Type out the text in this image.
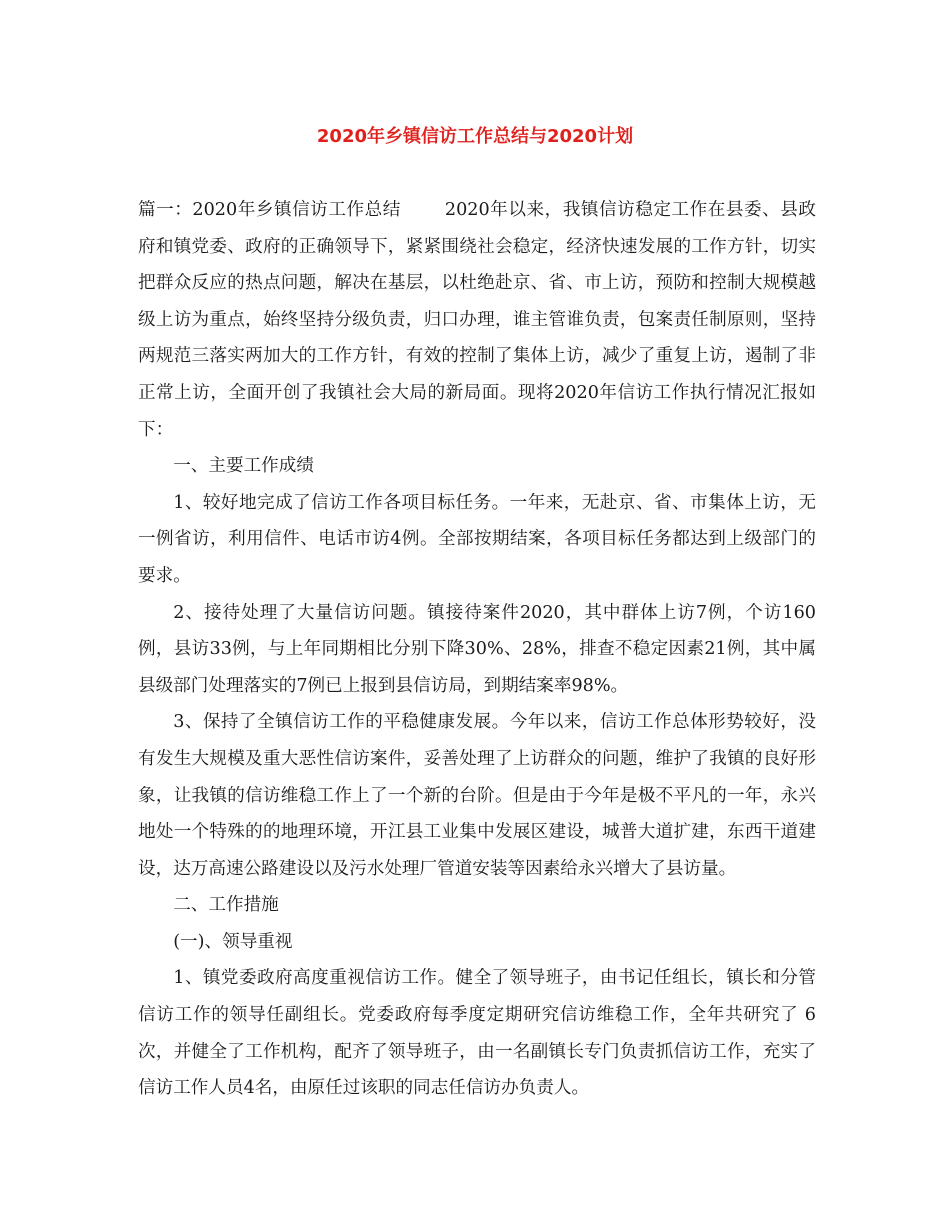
2020年乡镇信访工作总结与2020计划

篇一：2020年乡镇信访工作总结	2020年以来，我镇信访稳定工作在县委、县政府和镇党委、政府的正确领导下，紧紧围绕社会稳定，经济快速发展的工作方针，切实把群众反应的热点问题，解决在基层，以杜绝赴京、省、市上访，预防和控制大规模越级上访为重点，始终坚持分级负责，归口办理，谁主管谁负责，包案责任制原则，坚持两规范三落实两加大的工作方针，有效的控制了集体上访，减少了重复上访，遏制了非正常上访，全面开创了我镇社会大局的新局面。现将2020年信访工作执行情况汇报如下：

一、主要工作成绩

1、较好地完成了信访工作各项目标任务。一年来，无赴京、省、市集体上访，无一例省访，利用信件、电话市访4例。全部按期结案，各项目标任务都达到上级部门的要求。

2、接待处理了大量信访问题。镇接待案件2020，其中群体上访7例，个访160例，县访33例，与上年同期相比分别下降30%、28%，排查不稳定因素21例，其中属县级部门处理落实的7例已上报到县信访局，到期结案率98%。

3、保持了全镇信访工作的平稳健康发展。今年以来，信访工作总体形势较好，没有发生大规模及重大恶性信访案件，妥善处理了上访群众的问题，维护了我镇的良好形象，让我镇的信访维稳工作上了一个新的台阶。但是由于今年是极不平凡的一年，永兴地处一个特殊的的地理环境，开江县工业集中发展区建设，城普大道扩建，东西干道建设，达万高速公路建设以及污水处理厂管道安装等因素给永兴增大了县访量。

二、工作措施

(一)、领导重视

1、镇党委政府高度重视信访工作。健全了领导班子，由书记任组长，镇长和分管信访工作的领导任副组长。党委政府每季度定期研究信访维稳工作，全年共研究了 6次，并健全了工作机构，配齐了领导班子，由一名副镇长专门负责抓信访工作，充实了信访工作人员4名，由原任过该职的同志任信访办负责人。
